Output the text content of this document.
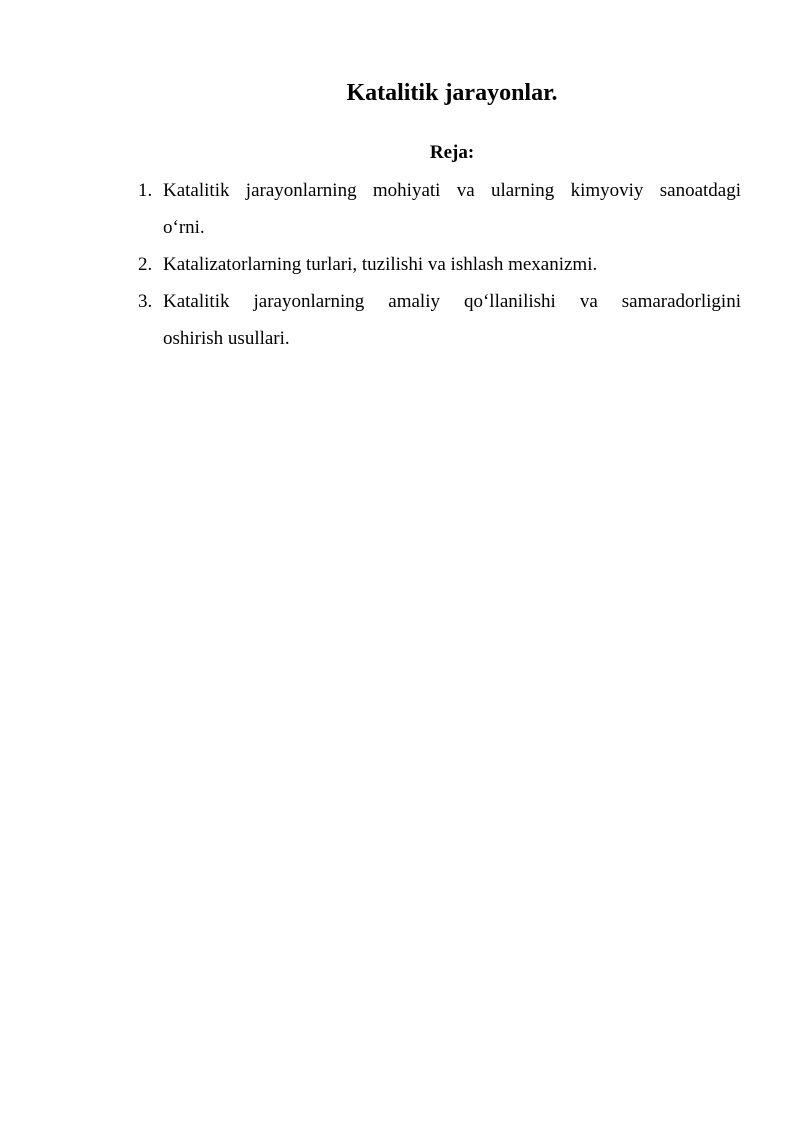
Katalitik jarayonlar.
Reja:
1. Katalitik jarayonlarning mohiyati va ularning kimyoviy sanoatdagi
o‘rni.
2. Katalizatorlarning turlari, tuzilishi va ishlash mexanizmi.
3. Katalitik jarayonlarning amaliy qo‘llanilishi va samaradorligini
oshirish usullari.
